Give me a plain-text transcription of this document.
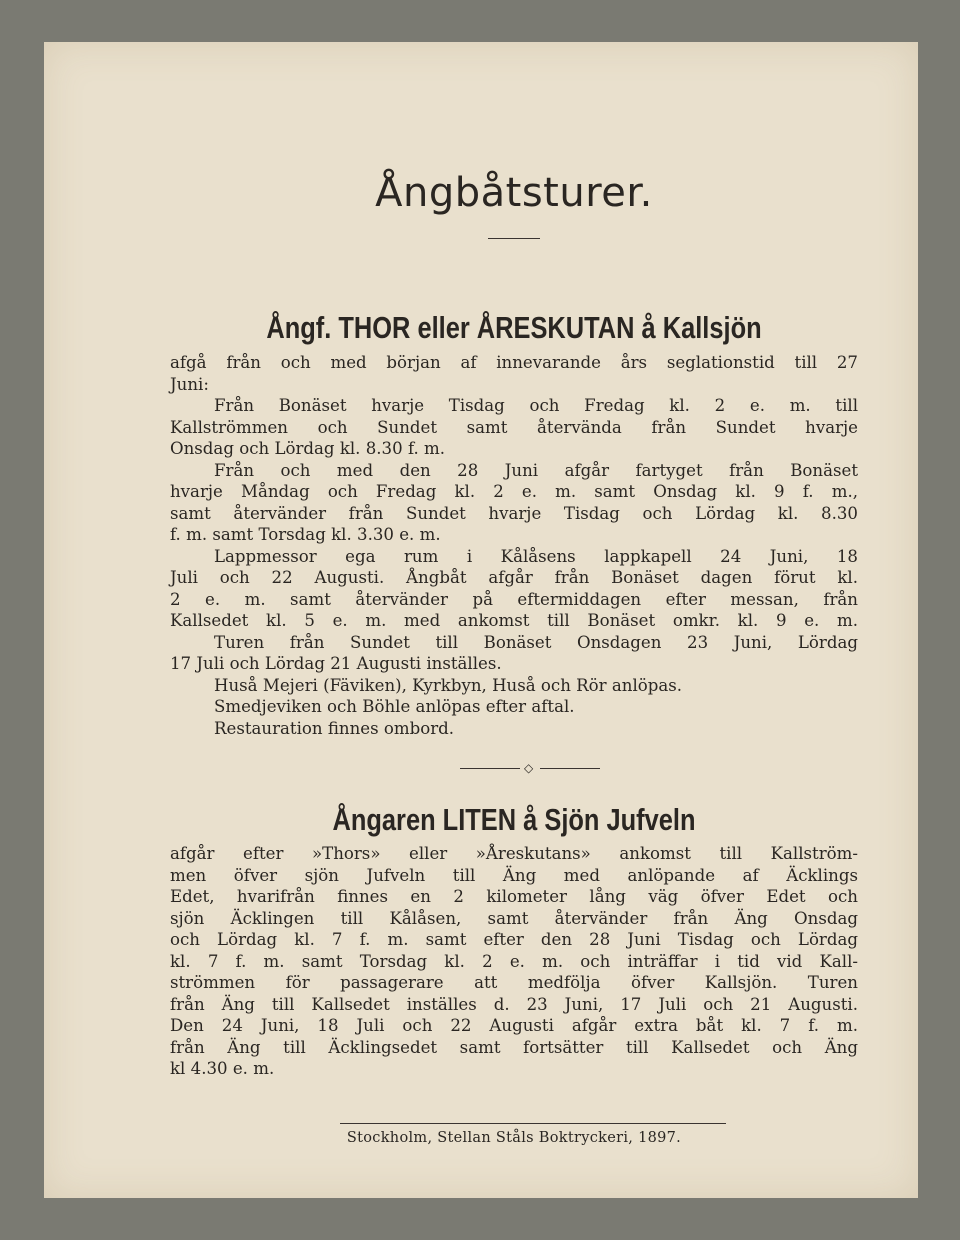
Ångbåtsturer.
Ångf. THOR eller ÅRESKUTAN å Kallsjön
afgå från och med början af innevarande års seglationstid till 27
Juni:
Från Bonäset hvarje Tisdag och Fredag kl. 2 e. m. till
Kallströmmen och Sundet samt återvända från Sundet hvarje
Onsdag och Lördag kl. 8.30 f. m.
Från och med den 28 Juni afgår fartyget från Bonäset
hvarje Måndag och Fredag kl. 2 e. m. samt Onsdag kl. 9 f. m.,
samt återvänder från Sundet hvarje Tisdag och Lördag kl. 8.30
f. m. samt Torsdag kl. 3.30 e. m.
Lappmessor ega rum i Kålåsens lappkapell 24 Juni, 18
Juli och 22 Augusti. Ångbåt afgår från Bonäset dagen förut kl.
2 e. m. samt återvänder på eftermiddagen efter messan, från
Kallsedet kl. 5 e. m. med ankomst till Bonäset omkr. kl. 9 e. m.
Turen från Sundet till Bonäset Onsdagen 23 Juni, Lördag
17 Juli och Lördag 21 Augusti inställes.
Huså Mejeri (Fäviken), Kyrkbyn, Huså och Rör anlöpas.
Smedjeviken och Böhle anlöpas efter aftal.
Restauration finnes ombord.
◇
Ångaren LITEN å Sjön Jufveln
afgår efter »Thors» eller »Åreskutans» ankomst till Kallström-
men öfver sjön Jufveln till Äng med anlöpande af Äcklings
Edet, hvarifrån finnes en 2 kilometer lång väg öfver Edet och
sjön Äcklingen till Kålåsen, samt återvänder från Äng Onsdag
och Lördag kl. 7 f. m. samt efter den 28 Juni Tisdag och Lördag
kl. 7 f. m. samt Torsdag kl. 2 e. m. och inträffar i tid vid Kall-
strömmen för passagerare att medfölja öfver Kallsjön. Turen
från Äng till Kallsedet inställes d. 23 Juni, 17 Juli och 21 Augusti.
Den 24 Juni, 18 Juli och 22 Augusti afgår extra båt kl. 7 f. m.
från Äng till Äcklingsedet samt fortsätter till Kallsedet och Äng
kl 4.30 e. m.
Stockholm, Stellan Ståls Boktryckeri, 1897.
